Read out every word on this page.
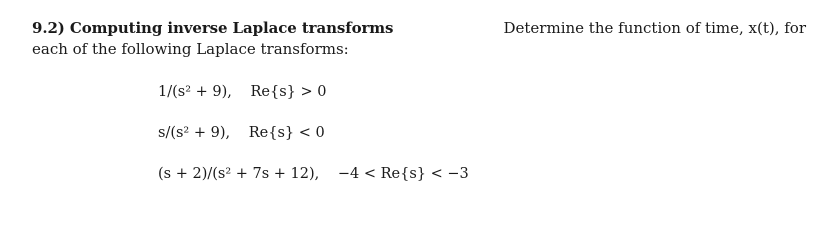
9.2) Computing inverse Laplace transforms	Determine the function of time, x(t), for
each of the following Laplace transforms:
1/(s² + 9), Re{s} > 0
s/(s² + 9), Re{s} < 0
(s + 2)/(s² + 7s + 12), −4 < Re{s} < −3
